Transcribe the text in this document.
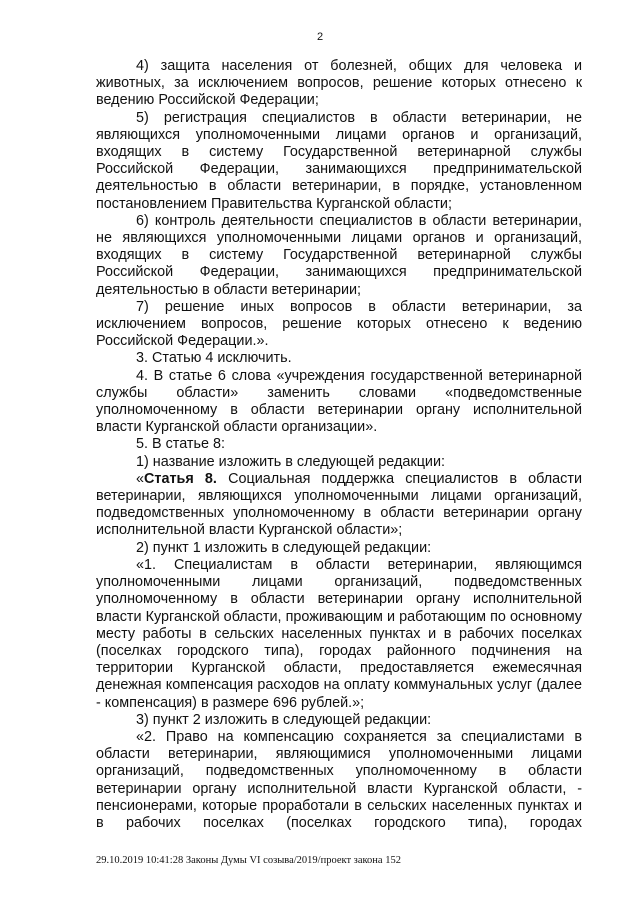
2

4) защита населения от болезней, общих для человека и животных, за исключением вопросов, решение которых отнесено к ведению Российской Федерации;

5) регистрация специалистов в области ветеринарии, не являющихся уполномоченными лицами органов и организаций, входящих в систему Государственной ветеринарной службы Российской Федерации, занимающихся предпринимательской деятельностью в области ветеринарии, в порядке, установленном постановлением Правительства Курганской области;

6) контроль деятельности специалистов в области ветеринарии, не являющихся уполномоченными лицами органов и организаций, входящих в систему Государственной ветеринарной службы Российской Федерации, занимающихся предпринимательской деятельностью в области ветеринарии;

7) решение иных вопросов в области ветеринарии, за исключением вопросов, решение которых отнесено к ведению Российской Федерации.».

3. Статью 4 исключить.

4. В статье 6 слова «учреждения государственной ветеринарной службы области» заменить словами «подведомственные уполномоченному в области ветеринарии органу исполнительной власти Курганской области организации».

5. В статье 8:

1) название изложить в следующей редакции:

«Статья 8. Социальная поддержка специалистов в области ветеринарии, являющихся уполномоченными лицами организаций, подведомственных уполномоченному в области ветеринарии органу исполнительной власти Курганской области»;

2) пункт 1 изложить в следующей редакции:

«1. Специалистам в области ветеринарии, являющимся уполномоченными лицами организаций, подведомственных уполномоченному в области ветеринарии органу исполнительной власти Курганской области, проживающим и работающим по основному месту работы в сельских населенных пунктах и в рабочих поселках (поселках городского типа), городах районного подчинения на территории Курганской области, предоставляется ежемесячная денежная компенсация расходов на оплату коммунальных услуг (далее - компенсация) в размере 696 рублей.»;

3) пункт 2 изложить в следующей редакции:

«2. Право на компенсацию сохраняется за специалистами в области ветеринарии, являющимися уполномоченными лицами организаций, подведомственных уполномоченному в области ветеринарии органу исполнительной власти Курганской области, - пенсионерами, которые проработали в сельских населенных пунктах и в рабочих поселках (поселках городского типа), городах

29.10.2019 10:41:28 Законы Думы VI созыва/2019/проект закона 152
